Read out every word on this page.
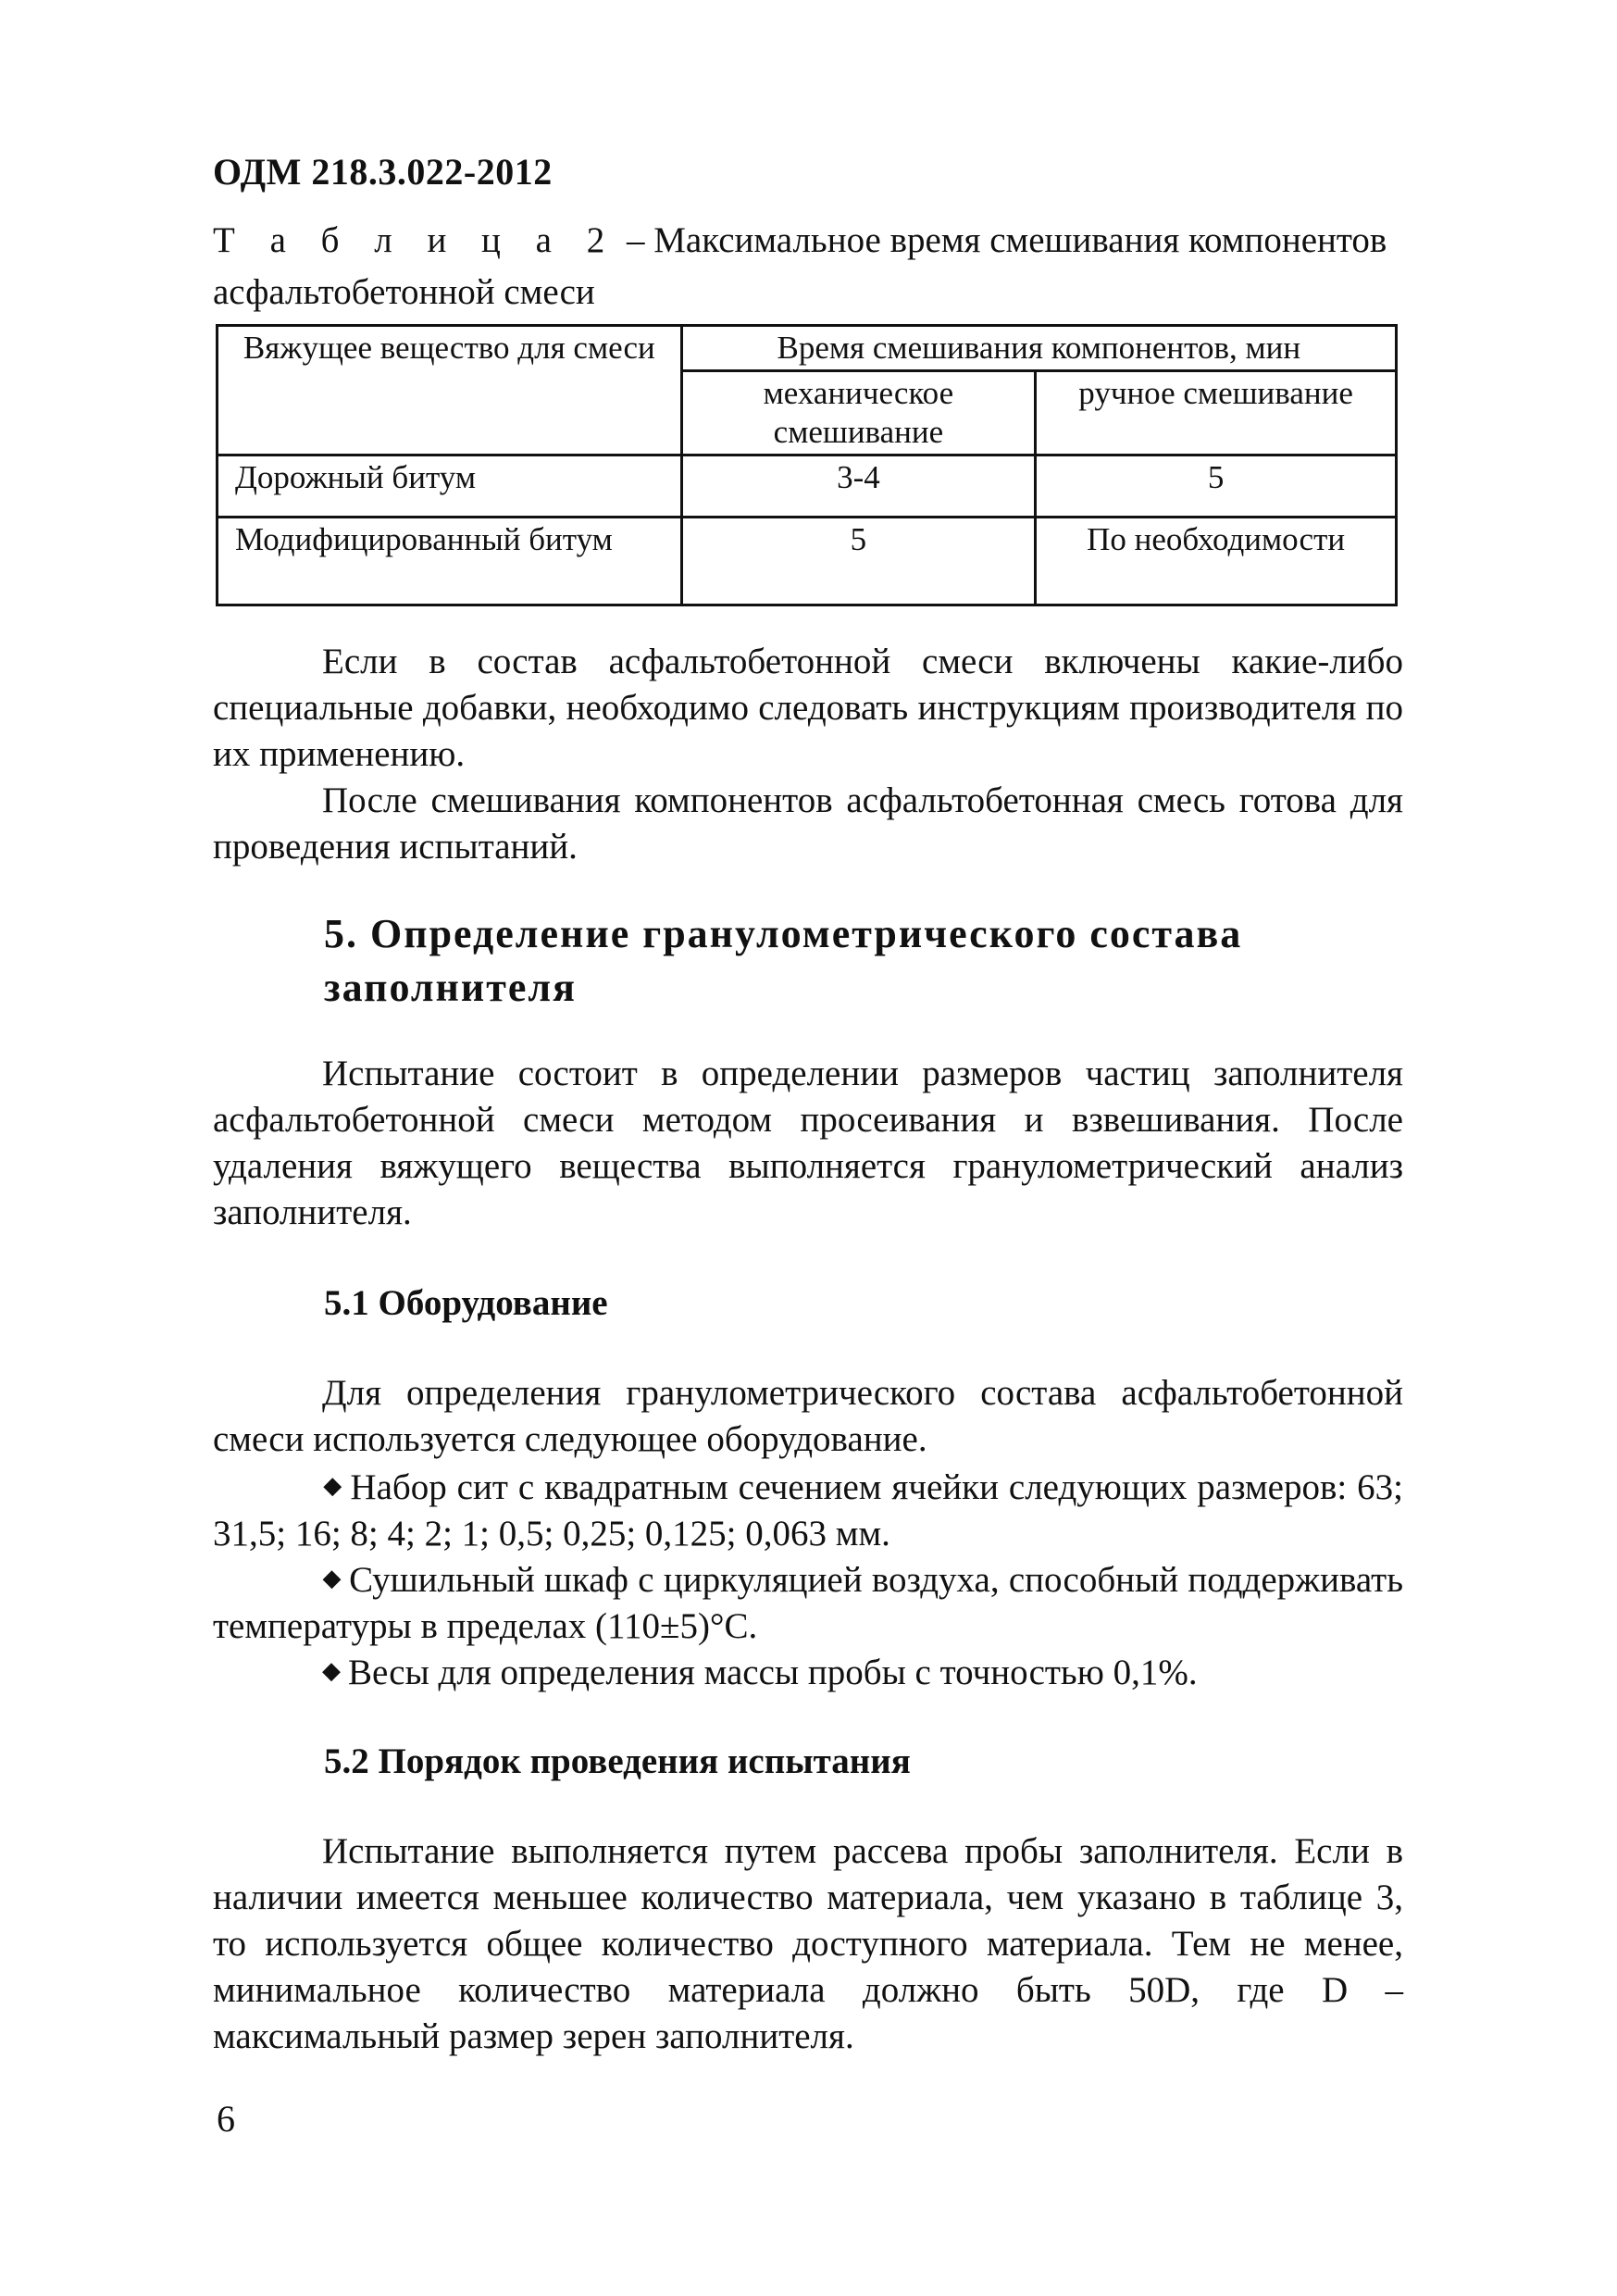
ОДМ 218.3.022-2012
Т а б л и ц а 2 – Максимальное время смешивания компонентов асфальтобетонной смеси
Вяжущее вещество для смеси	Время смешивания компонентов, мин	
	механическое смешивание	ручное смешивание
Дорожный битум	3-4	5
Модифицированный битум	5	По необходимости
Если в состав асфальтобетонной смеси включены какие-либо специальные добавки, необходимо следовать инструкциям производителя по их применению.
После смешивания компонентов асфальтобетонная смесь готова для проведения испытаний.
5. Определение гранулометрического состава заполнителя
Испытание состоит в определении размеров частиц заполнителя асфальтобетонной смеси методом просеивания и взвешивания. После удаления вяжущего вещества выполняется гранулометрический анализ заполнителя.
5.1 Оборудование
Для определения гранулометрического состава асфальтобетонной смеси используется следующее оборудование.
◆ Набор сит с квадратным сечением ячейки следующих размеров: 63; 31,5; 16; 8; 4; 2; 1; 0,5; 0,25; 0,125; 0,063 мм.
◆ Сушильный шкаф с циркуляцией воздуха, способный поддерживать температуры в пределах (110±5)°С.
◆ Весы для определения массы пробы с точностью 0,1%.
5.2 Порядок проведения испытания
Испытание выполняется путем рассева пробы заполнителя. Если в наличии имеется меньшее количество материала, чем указано в таблице 3, то используется общее количество доступного материала. Тем не менее, минимальное количество материала должно быть 50D, где D – максимальный размер зерен заполнителя.
6
